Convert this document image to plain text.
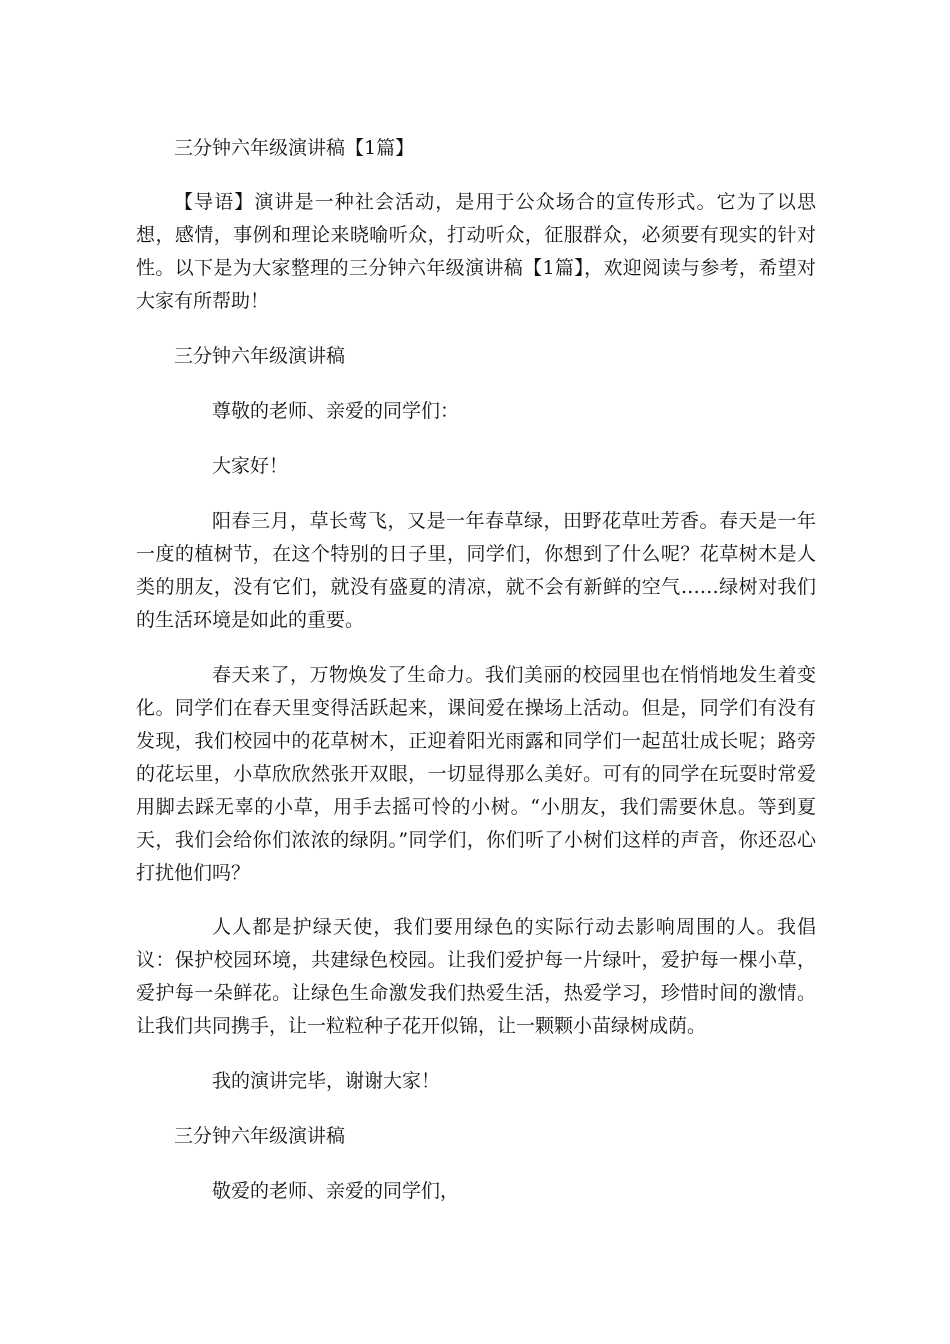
三分钟六年级演讲稿【1篇】

【导语】演讲是一种社会活动，是用于公众场合的宣传形式。它为了以思想，感情，事例和理论来晓喻听众，打动听众，征服群众，必须要有现实的针对性。以下是为大家整理的三分钟六年级演讲稿【1篇】，欢迎阅读与参考，希望对大家有所帮助！

三分钟六年级演讲稿

尊敬的老师、亲爱的同学们：

大家好！

阳春三月，草长莺飞，又是一年春草绿，田野花草吐芳香。春天是一年一度的植树节，在这个特别的日子里，同学们，你想到了什么呢？花草树木是人类的朋友，没有它们，就没有盛夏的清凉，就不会有新鲜的空气……绿树对我们的生活环境是如此的重要。

春天来了，万物焕发了生命力。我们美丽的校园里也在悄悄地发生着变化。同学们在春天里变得活跃起来，课间爱在操场上活动。但是，同学们有没有发现，我们校园中的花草树木，正迎着阳光雨露和同学们一起茁壮成长呢；路旁的花坛里，小草欣欣然张开双眼，一切显得那么美好。可有的同学在玩耍时常爱用脚去踩无辜的小草，用手去摇可怜的小树。“小朋友，我们需要休息。等到夏天，我们会给你们浓浓的绿阴。”同学们，你们听了小树们这样的声音，你还忍心打扰他们吗？

人人都是护绿天使，我们要用绿色的实际行动去影响周围的人。我倡议：保护校园环境，共建绿色校园。让我们爱护每一片绿叶，爱护每一棵小草，爱护每一朵鲜花。让绿色生命激发我们热爱生活，热爱学习，珍惜时间的激情。让我们共同携手，让一粒粒种子花开似锦，让一颗颗小苗绿树成荫。

我的演讲完毕，谢谢大家！

三分钟六年级演讲稿

敬爱的老师、亲爱的同学们，
